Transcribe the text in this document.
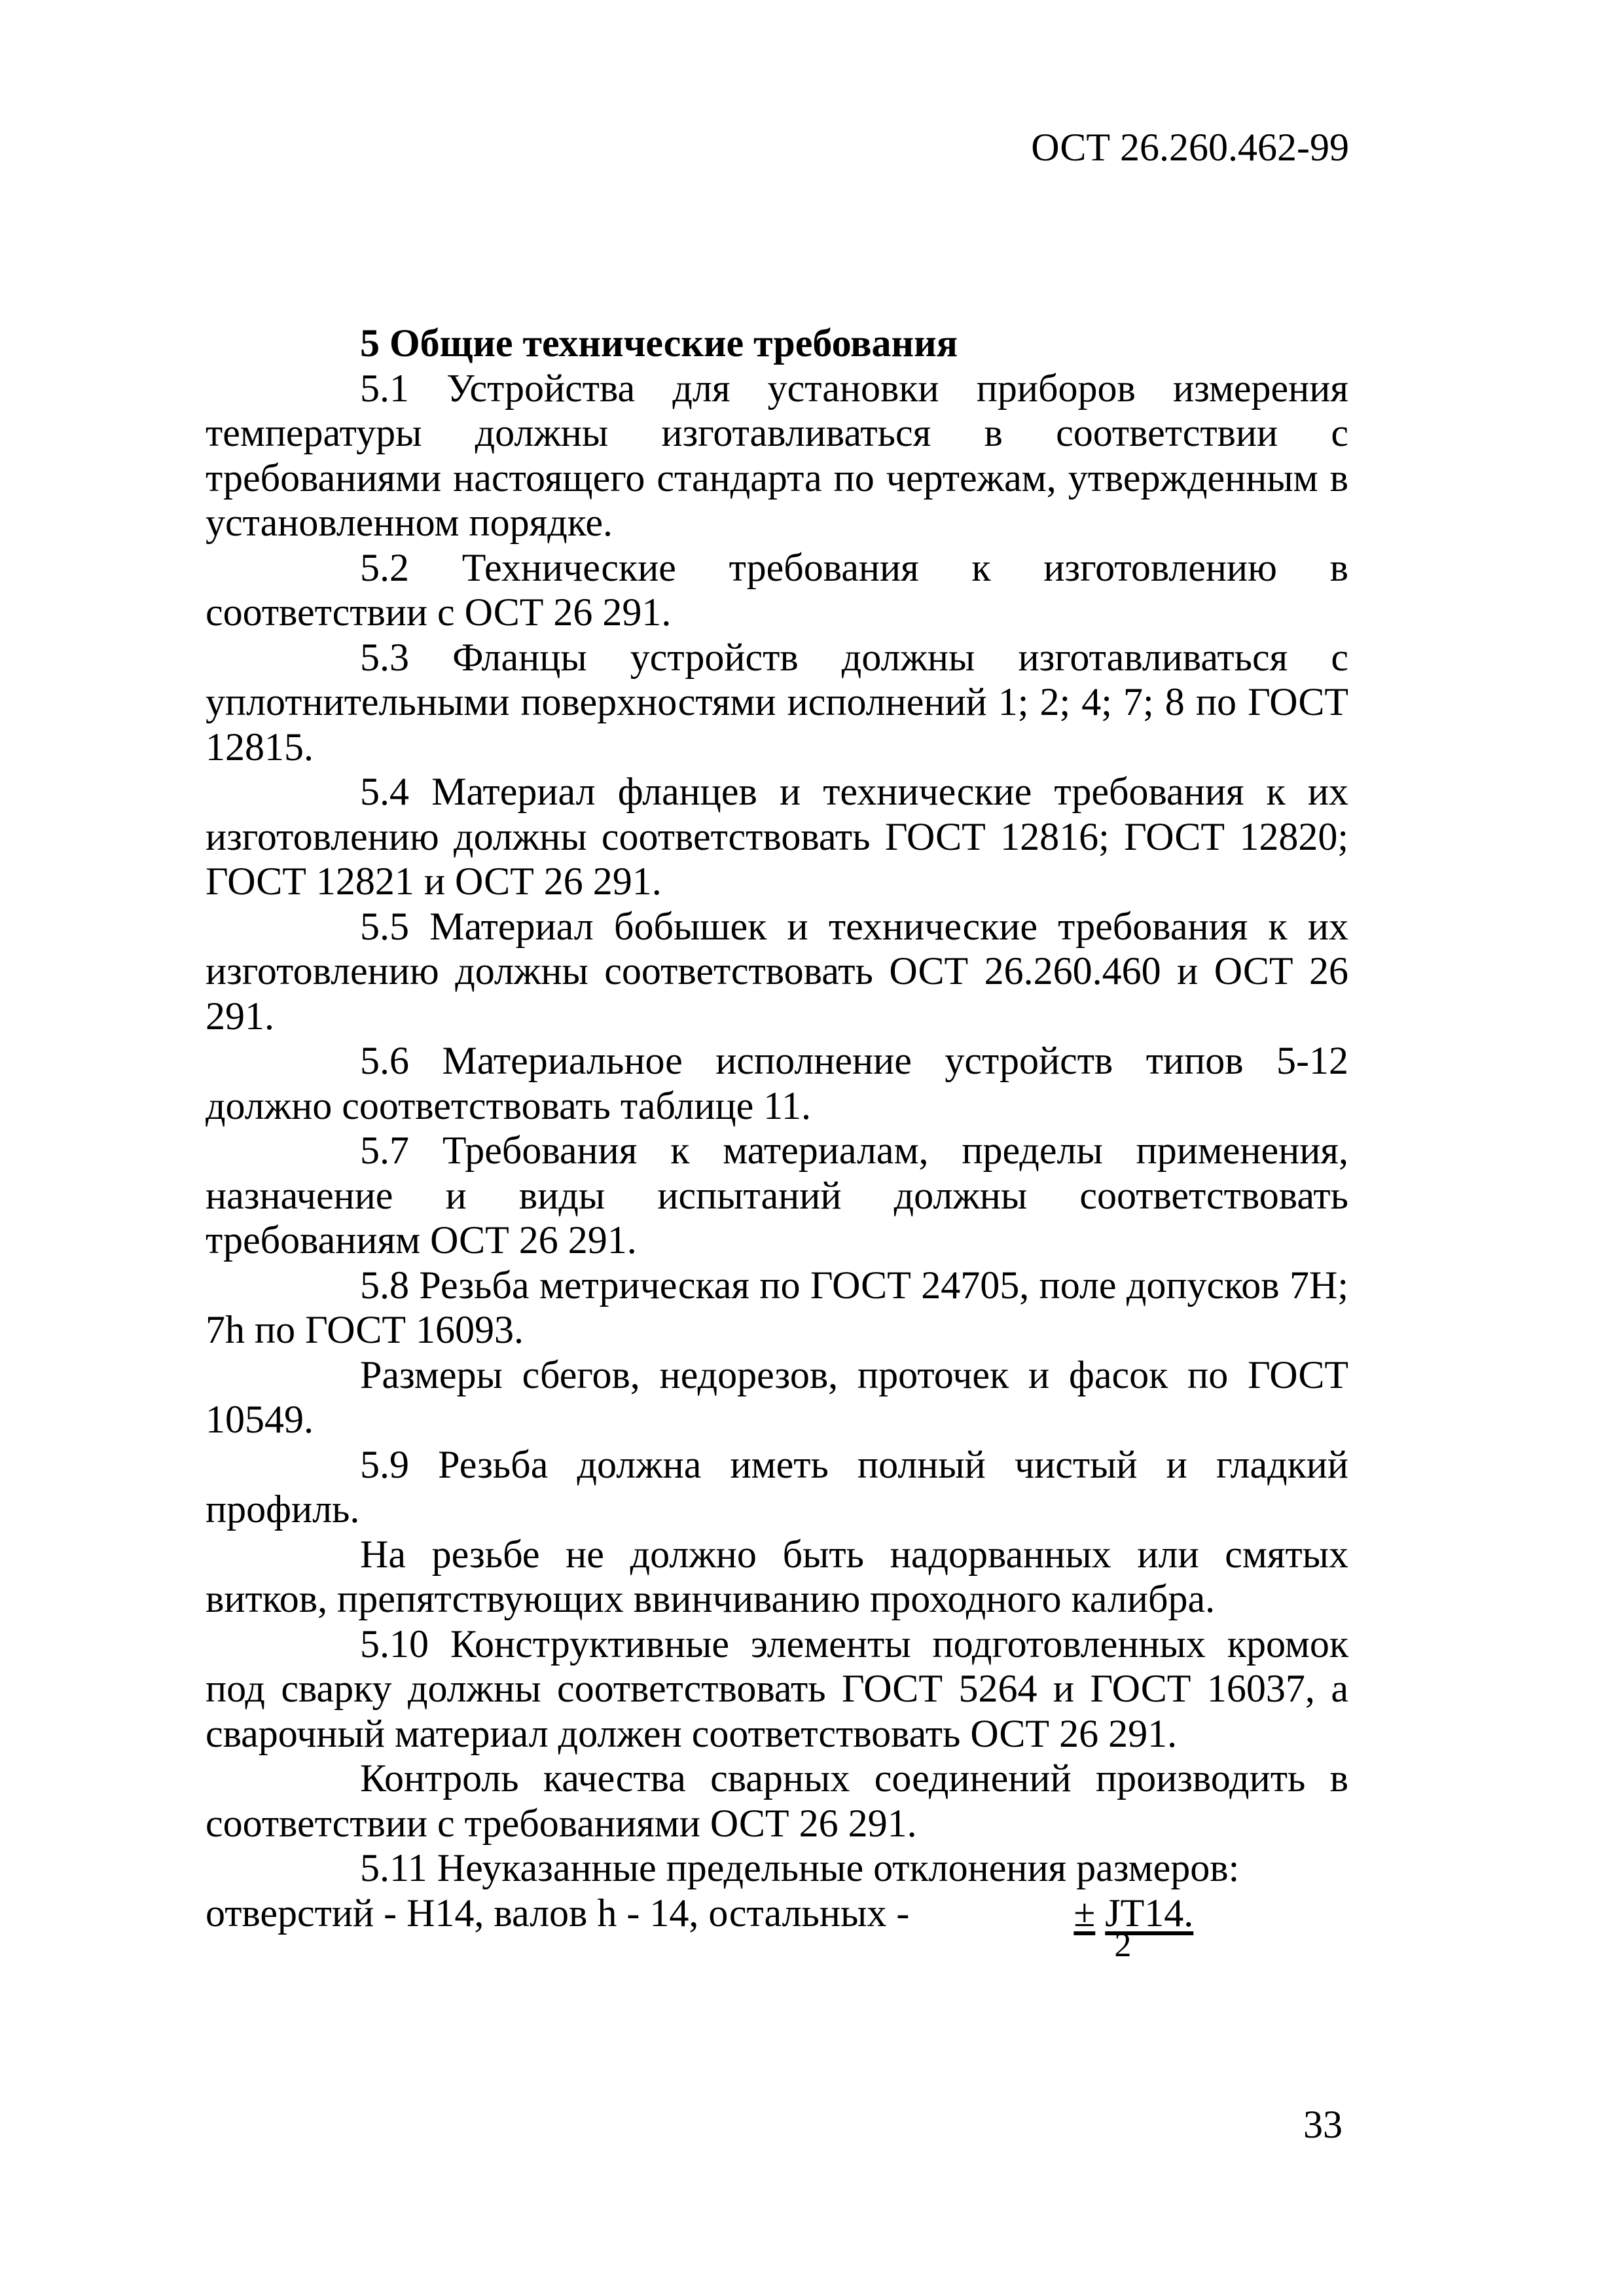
ОСТ 26.260.462-99

5 Общие технические требования

5.1 Устройства для установки приборов измерения температуры должны изготавливаться в соответствии с требованиями настоящего стандарта по чертежам, утвержденным в установленном порядке.

5.2 Технические требования к изготовлению в соответствии с ОСТ 26 291.

5.3 Фланцы устройств должны изготавливаться с уплотнительными поверхностями исполнений 1; 2; 4; 7; 8 по ГОСТ 12815.

5.4 Материал фланцев и технические требования к их изготовлению должны соответствовать ГОСТ 12816; ГОСТ 12820; ГОСТ 12821 и ОСТ 26 291.

5.5 Материал бобышек и технические требования к их изготовлению должны соответствовать ОСТ 26.260.460 и ОСТ 26 291.

5.6 Материальное исполнение устройств типов 5-12 должно соответствовать таблице 11.

5.7 Требования к материалам, пределы применения, назначение и виды испытаний должны соответствовать требованиям ОСТ 26 291.

5.8 Резьба метрическая по ГОСТ 24705, поле допусков 7Н; 7h по ГОСТ 16093.

Размеры сбегов, недорезов, проточек и фасок по ГОСТ 10549.

5.9 Резьба должна иметь полный чистый и гладкий профиль.

На резьбе не должно быть надорванных или смятых витков, препятствующих ввинчиванию проходного калибра.

5.10 Конструктивные элементы подготовленных кромок под сварку должны соответствовать ГОСТ 5264 и ГОСТ 16037, а сварочный материал должен соответствовать ОСТ 26 291.

Контроль качества сварных соединений производить в соответствии с требованиями ОСТ 26 291.

5.11 Неуказанные предельные отклонения размеров: отверстий - Н14, валов h - 14, остальных -	± JT14.
2

33
